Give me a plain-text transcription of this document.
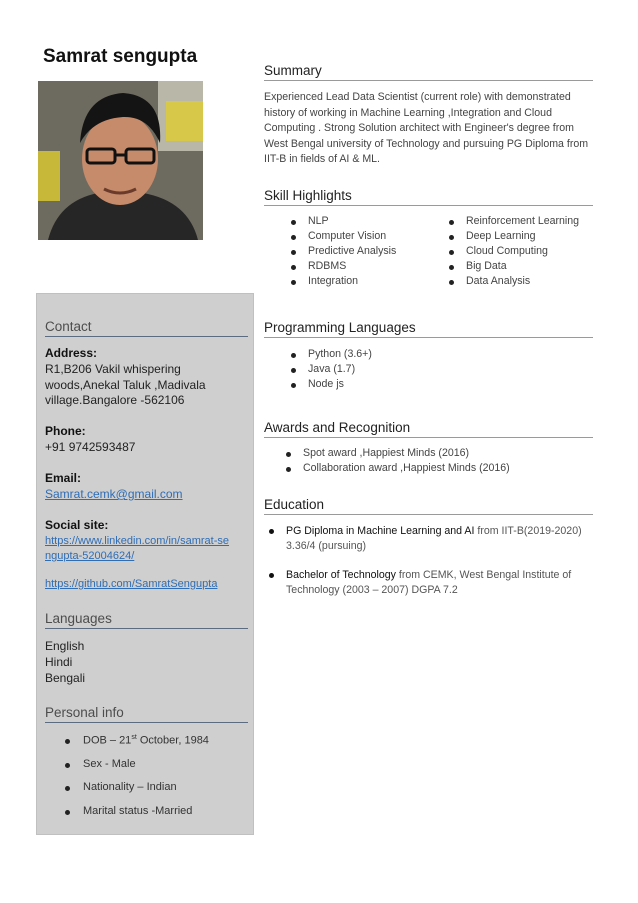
Samrat sengupta
Contact
Address:
R1,B206 Vakil whispering woods,Anekal Taluk ,Madivala village.Bangalore -562106
Phone:
+91 9742593487
Email:
Samrat.cemk@gmail.com
Social site:
https://www.linkedin.com/in/samrat-sengupta-52004624/
https://github.com/SamratSengupta
Languages
English
Hindi
Bengali
Personal info
DOB – 21st October, 1984
Sex - Male
Nationality – Indian
Marital status -Married
Summary

Experienced Lead Data Scientist (current role) with demonstrated history of working in Machine Learning ,Integration and Cloud Computing . Strong Solution architect with Engineer's degree from West Bengal university of Technology and pursuing PG Diploma from IIT-B in fields of AI & ML.

Skill Highlights
NLP
Computer Vision
Predictive Analysis
RDBMS
Integration
Reinforcement Learning
Deep Learning
Cloud Computing
Big Data
Data Analysis
Programming Languages
Python (3.6+)
Java (1.7)
Node js
Awards and Recognition
Spot award ,Happiest Minds (2016)
Collaboration award ,Happiest Minds (2016)
Education
PG Diploma in Machine Learning and AI from IIT-B(2019-2020) 3.36/4 (pursuing)
Bachelor of Technology from CEMK, West Bengal Institute of Technology (2003 – 2007) DGPA 7.2
